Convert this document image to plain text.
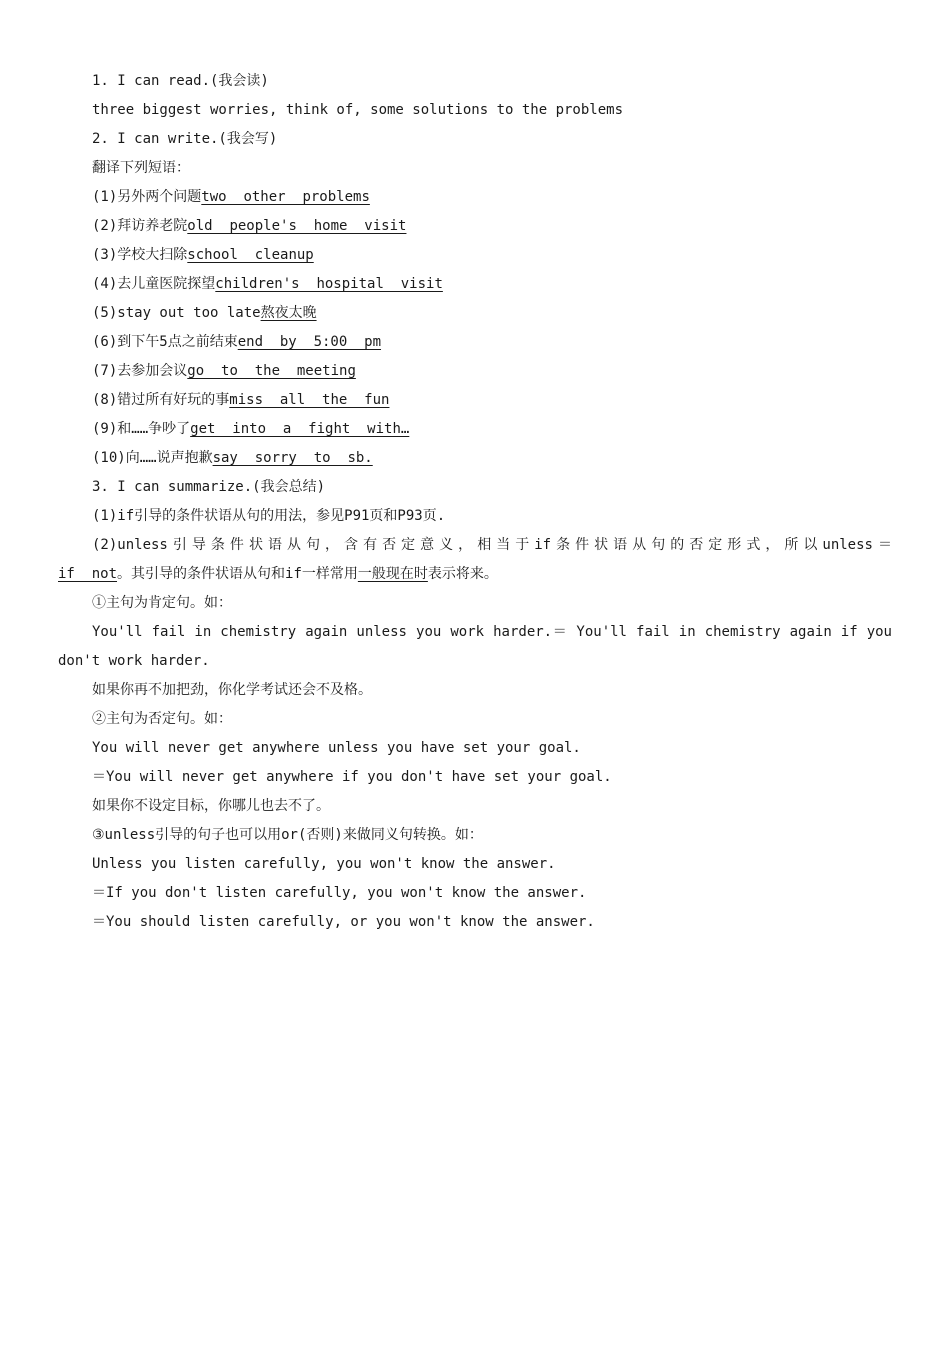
1. I can read.(我会读)
three biggest worries, think of, some solutions to the problems
2. I can write.(我会写)
翻译下列短语：
(1)另外两个问题two  other  problems
(2)拜访养老院old  people's  home  visit
(3)学校大扫除school  cleanup
(4)去儿童医院探望children's  hospital  visit
(5)stay out too late熬夜太晚
(6)到下午5点之前结束end  by  5:00  pm
(7)去参加会议go  to  the  meeting
(8)错过所有好玩的事miss  all  the  fun
(9)和……争吵了get  into  a  fight  with…
(10)向……说声抱歉say  sorry  to  sb.
3. I can summarize.(我会总结)
(1)if引导的条件状语从句的用法，参见P91页和P93页.
(2)unless引导条件状语从句，含有否定意义，相当于if条件状语从句的否定形式，所以unless＝
if  not。其引导的条件状语从句和if一样常用一般现在时表示将来。
①主句为肯定句。如：
You'll fail in chemistry again unless you work harder.＝ You'll fail in chemistry again if you
don't work harder.
如果你再不加把劲，你化学考试还会不及格。
②主句为否定句。如：
You will never get anywhere unless you have set your goal.
＝You will never get anywhere if you don't have set your goal.
如果你不设定目标，你哪儿也去不了。
③unless引导的句子也可以用or(否则)来做同义句转换。如：
Unless you listen carefully, you won't know the answer.
＝If you don't listen carefully, you won't know the answer.
＝You should listen carefully, or you won't know the answer.
